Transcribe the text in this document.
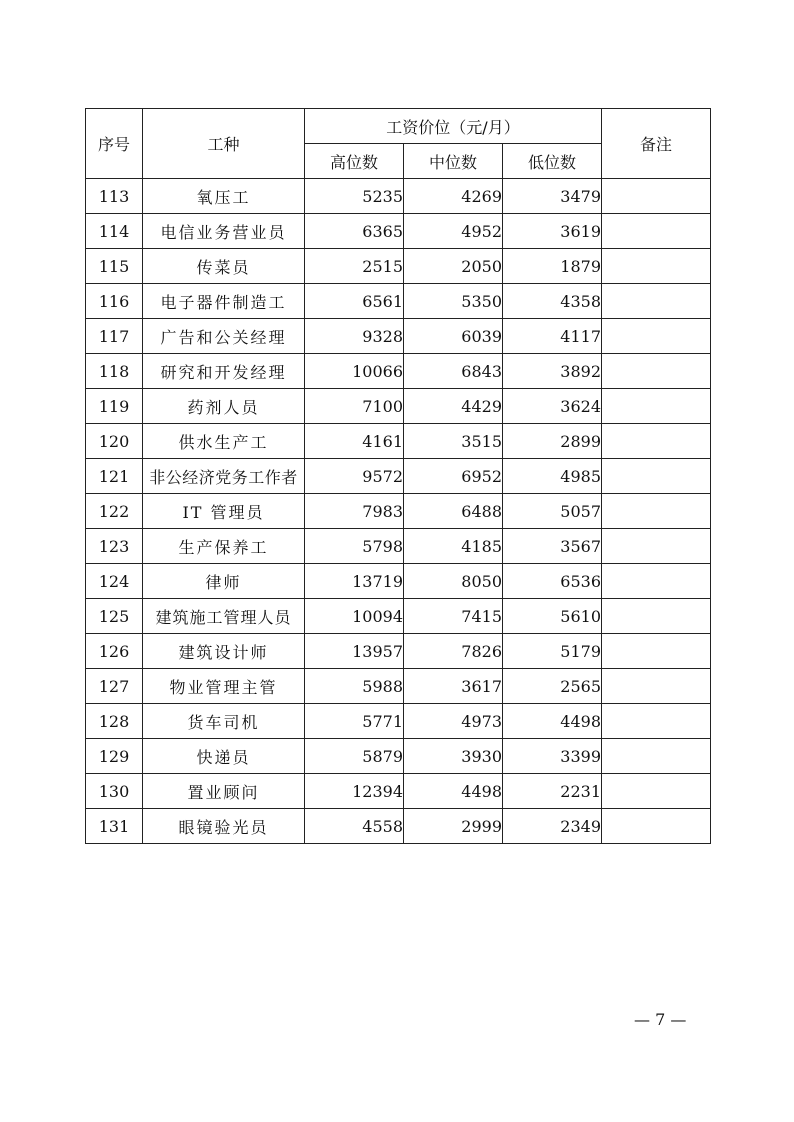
序号	工种	工资价位（元/月）			备注
		高位数	中位数	低位数	
113	氧压工	5235	4269	3479	
114	电信业务营业员	6365	4952	3619	
115	传菜员	2515	2050	1879	
116	电子器件制造工	6561	5350	4358	
117	广告和公关经理	9328	6039	4117	
118	研究和开发经理	10066	6843	3892	
119	药剂人员	7100	4429	3624	
120	供水生产工	4161	3515	2899	
121	非公经济党务工作者	9572	6952	4985	
122	IT 管理员	7983	6488	5057	
123	生产保养工	5798	4185	3567	
124	律师	13719	8050	6536	
125	建筑施工管理人员	10094	7415	5610	
126	建筑设计师	13957	7826	5179	
127	物业管理主管	5988	3617	2565	
128	货车司机	5771	4973	4498	
129	快递员	5879	3930	3399	
130	置业顾问	12394	4498	2231	
131	眼镜验光员	4558	2999	2349	
— 7 —
